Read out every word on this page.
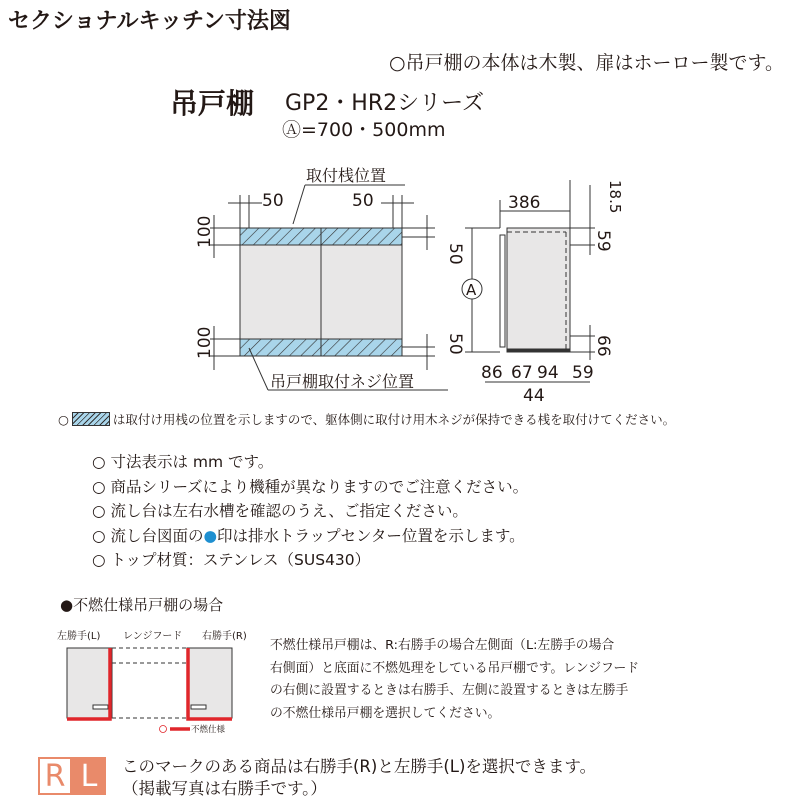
セクショナルキッチン寸法図
○吊戸棚の本体は木製、扉はホーロー製です。
吊戸棚 GP2・HR2シリーズ
Ⓐ=700・500mm
取付桟位置
50	50
100
100
50
50
吊戸棚取付ネジ位置
A
386	18.5
59
66
86 67 94 59
44
○	は取付け用桟の位置を示しますので、躯体側に取付け用木ネジが保持できる桟を取付けてください。
○ 寸法表示は mm です。
○ 商品シリーズにより機種が異なりますのでご注意ください。
○ 流し台は左右水槽を確認のうえ、ご指定ください。
○ 流し台図面の●印は排水トラップセンター位置を示します。
○ トップ材質：ステンレス（SUS430）
●不燃仕様吊戸棚の場合
左勝手(L) レンジフード 右勝手(R)
不燃仕様
不燃仕様吊戸棚は、R:右勝手の場合左側面（L:左勝手の場合
右側面）と底面に不燃処理をしている吊戸棚です。レンジフード
の右側に設置するときは右勝手、左側に設置するときは左勝手
の不燃仕様吊戸棚を選択してください。
R L	このマークのある商品は右勝手(R)と左勝手(L)を選択できます。
（掲載写真は右勝手です。）
